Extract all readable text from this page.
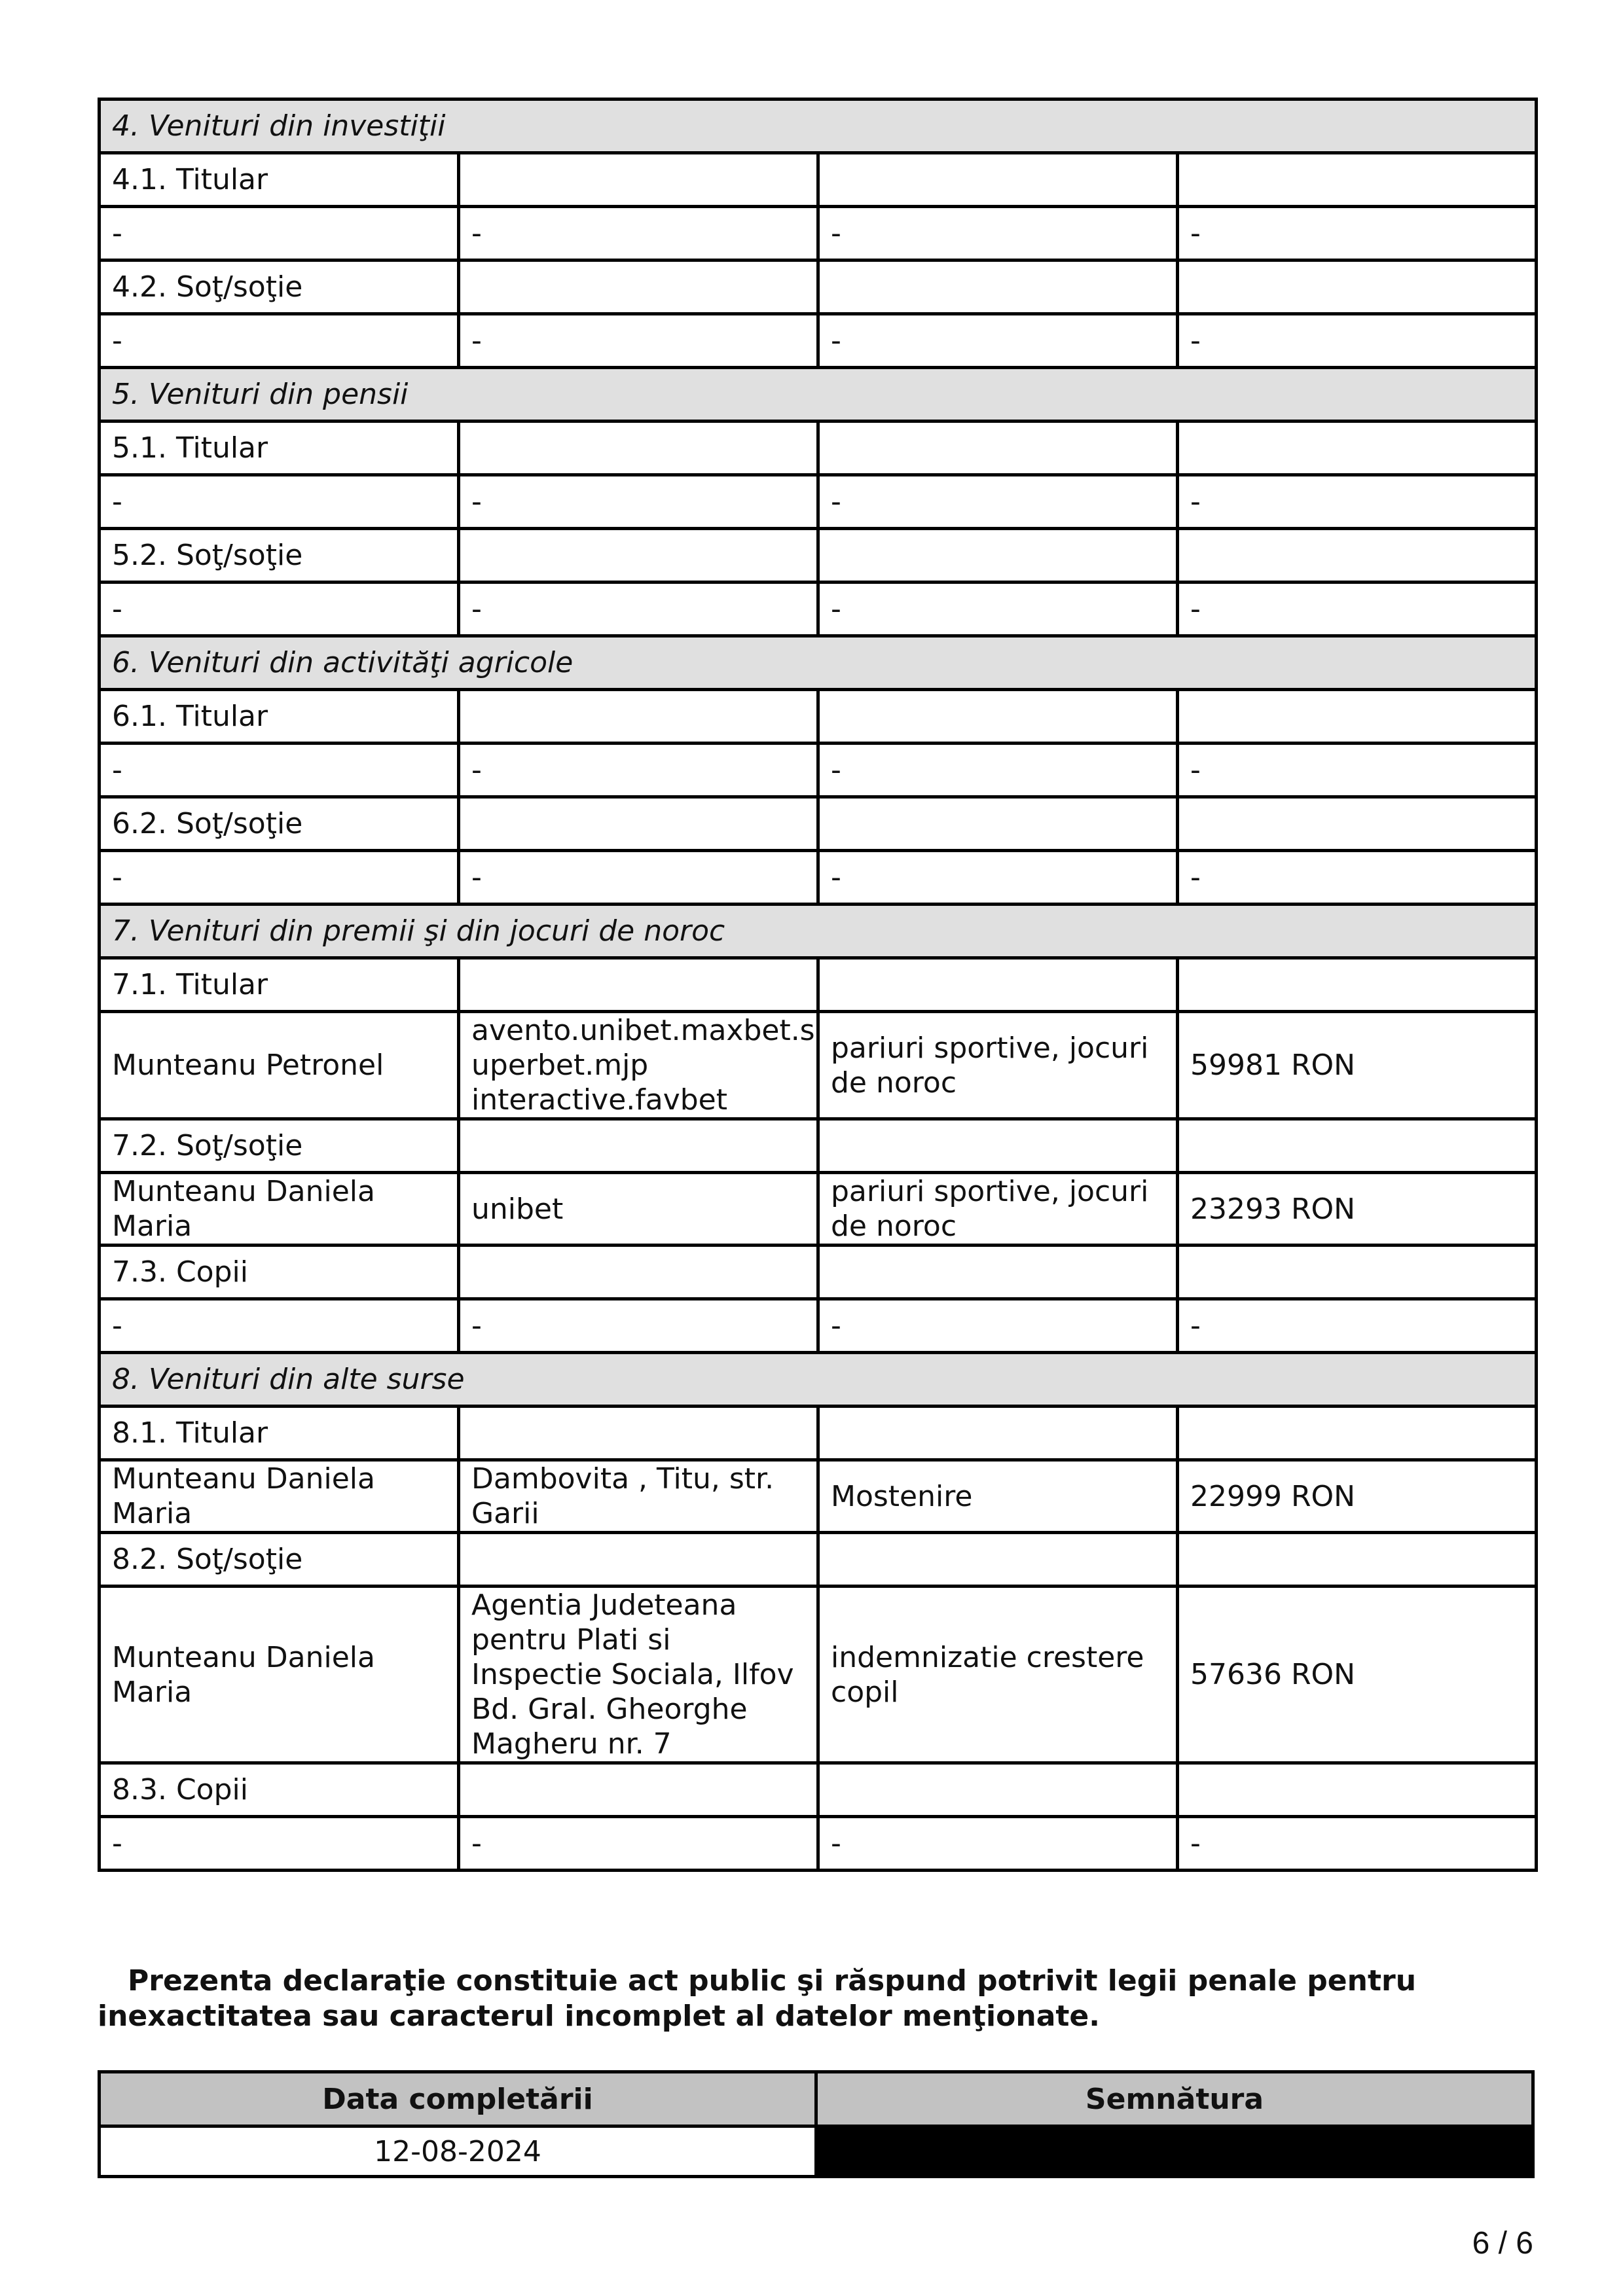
4. Venituri din investiţii			
4.1. Titular			
-	-	-	-
4.2. Soţ/soţie			
-	-	-	-
5. Venituri din pensii			
5.1. Titular			
-	-	-	-
5.2. Soţ/soţie			
-	-	-	-
6. Venituri din activităţi agricole			
6.1. Titular			
-	-	-	-
6.2. Soţ/soţie			
-	-	-	-
7. Venituri din premii şi din jocuri de noroc			
7.1. Titular			
Munteanu Petronel	avento.unibet.maxbet.s uperbet.mjp interactive.favbet	pariuri sportive, jocuri de noroc	59981 RON
7.2. Soţ/soţie			
Munteanu Daniela Maria	unibet	pariuri sportive, jocuri de noroc	23293 RON
7.3. Copii			
-	-	-	-
8. Venituri din alte surse			
8.1. Titular			
Munteanu Daniela Maria	Dambovita , Titu, str. Garii	Mostenire	22999 RON
8.2. Soţ/soţie			
Munteanu Daniela Maria	Agentia Judeteana pentru Plati si Inspectie Sociala, Ilfov Bd. Gral. Gheorghe Magheru nr. 7	indemnizatie crestere copil	57636 RON
8.3. Copii			
-	-	-	-

Prezenta declaraţie constituie act public şi răspund potrivit legii penale pentru inexactitatea sau caracterul incomplet al datelor menţionate.

Data completării	Semnătura
12-08-2024	
6 / 6
